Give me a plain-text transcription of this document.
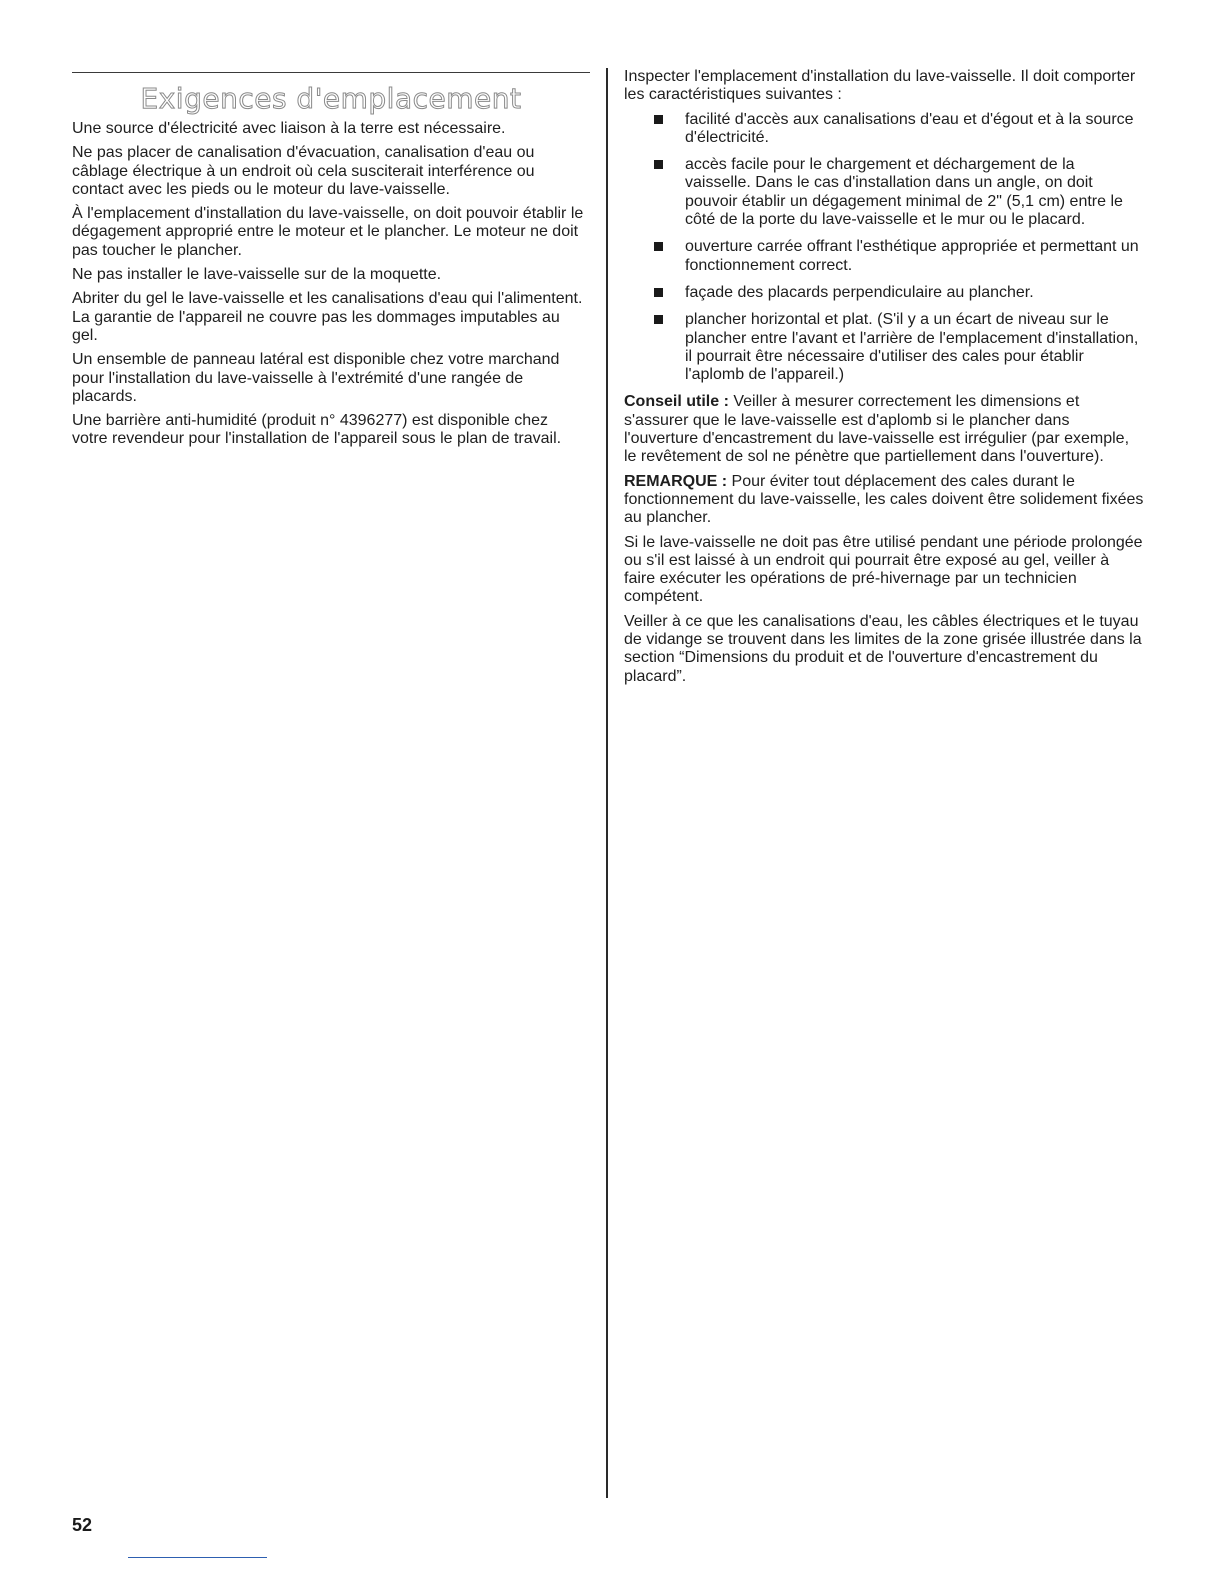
Exigences d'emplacement

Une source d'électricité avec liaison à la terre est nécessaire.

Ne pas placer de canalisation d'évacuation, canalisation d'eau ou câblage électrique à un endroit où cela susciterait interférence ou contact avec les pieds ou le moteur du lave-vaisselle.

À l'emplacement d'installation du lave-vaisselle, on doit pouvoir établir le dégagement approprié entre le moteur et le plancher. Le moteur ne doit pas toucher le plancher.

Ne pas installer le lave-vaisselle sur de la moquette.

Abriter du gel le lave-vaisselle et les canalisations d'eau qui l'alimentent. La garantie de l'appareil ne couvre pas les dommages imputables au gel.

Un ensemble de panneau latéral est disponible chez votre marchand pour l'installation du lave-vaisselle à l'extrémité d'une rangée de placards.

Une barrière anti-humidité (produit n° 4396277) est disponible chez votre revendeur pour l'installation de l'appareil sous le plan de travail.

Inspecter l'emplacement d'installation du lave-vaisselle. Il doit comporter les caractéristiques suivantes :

facilité d'accès aux canalisations d'eau et d'égout et à la source d'électricité.
accès facile pour le chargement et déchargement de la vaisselle. Dans le cas d'installation dans un angle, on doit pouvoir établir un dégagement minimal de 2" (5,1 cm) entre le côté de la porte du lave-vaisselle et le mur ou le placard.
ouverture carrée offrant l'esthétique appropriée et permettant un fonctionnement correct.
façade des placards perpendiculaire au plancher.
plancher horizontal et plat. (S'il y a un écart de niveau sur le plancher entre l'avant et l'arrière de l'emplacement d'installation, il pourrait être nécessaire d'utiliser des cales pour établir l'aplomb de l'appareil.)

Conseil utile : Veiller à mesurer correctement les dimensions et s'assurer que le lave-vaisselle est d'aplomb si le plancher dans l'ouverture d'encastrement du lave-vaisselle est irrégulier (par exemple, le revêtement de sol ne pénètre que partiellement dans l'ouverture).

REMARQUE : Pour éviter tout déplacement des cales durant le fonctionnement du lave-vaisselle, les cales doivent être solidement fixées au plancher.

Si le lave-vaisselle ne doit pas être utilisé pendant une période prolongée ou s'il est laissé à un endroit qui pourrait être exposé au gel, veiller à faire exécuter les opérations de pré-hivernage par un technicien compétent.

Veiller à ce que les canalisations d'eau, les câbles électriques et le tuyau de vidange se trouvent dans les limites de la zone grisée illustrée dans la section “Dimensions du produit et de l'ouverture d'encastrement du placard”.

52
